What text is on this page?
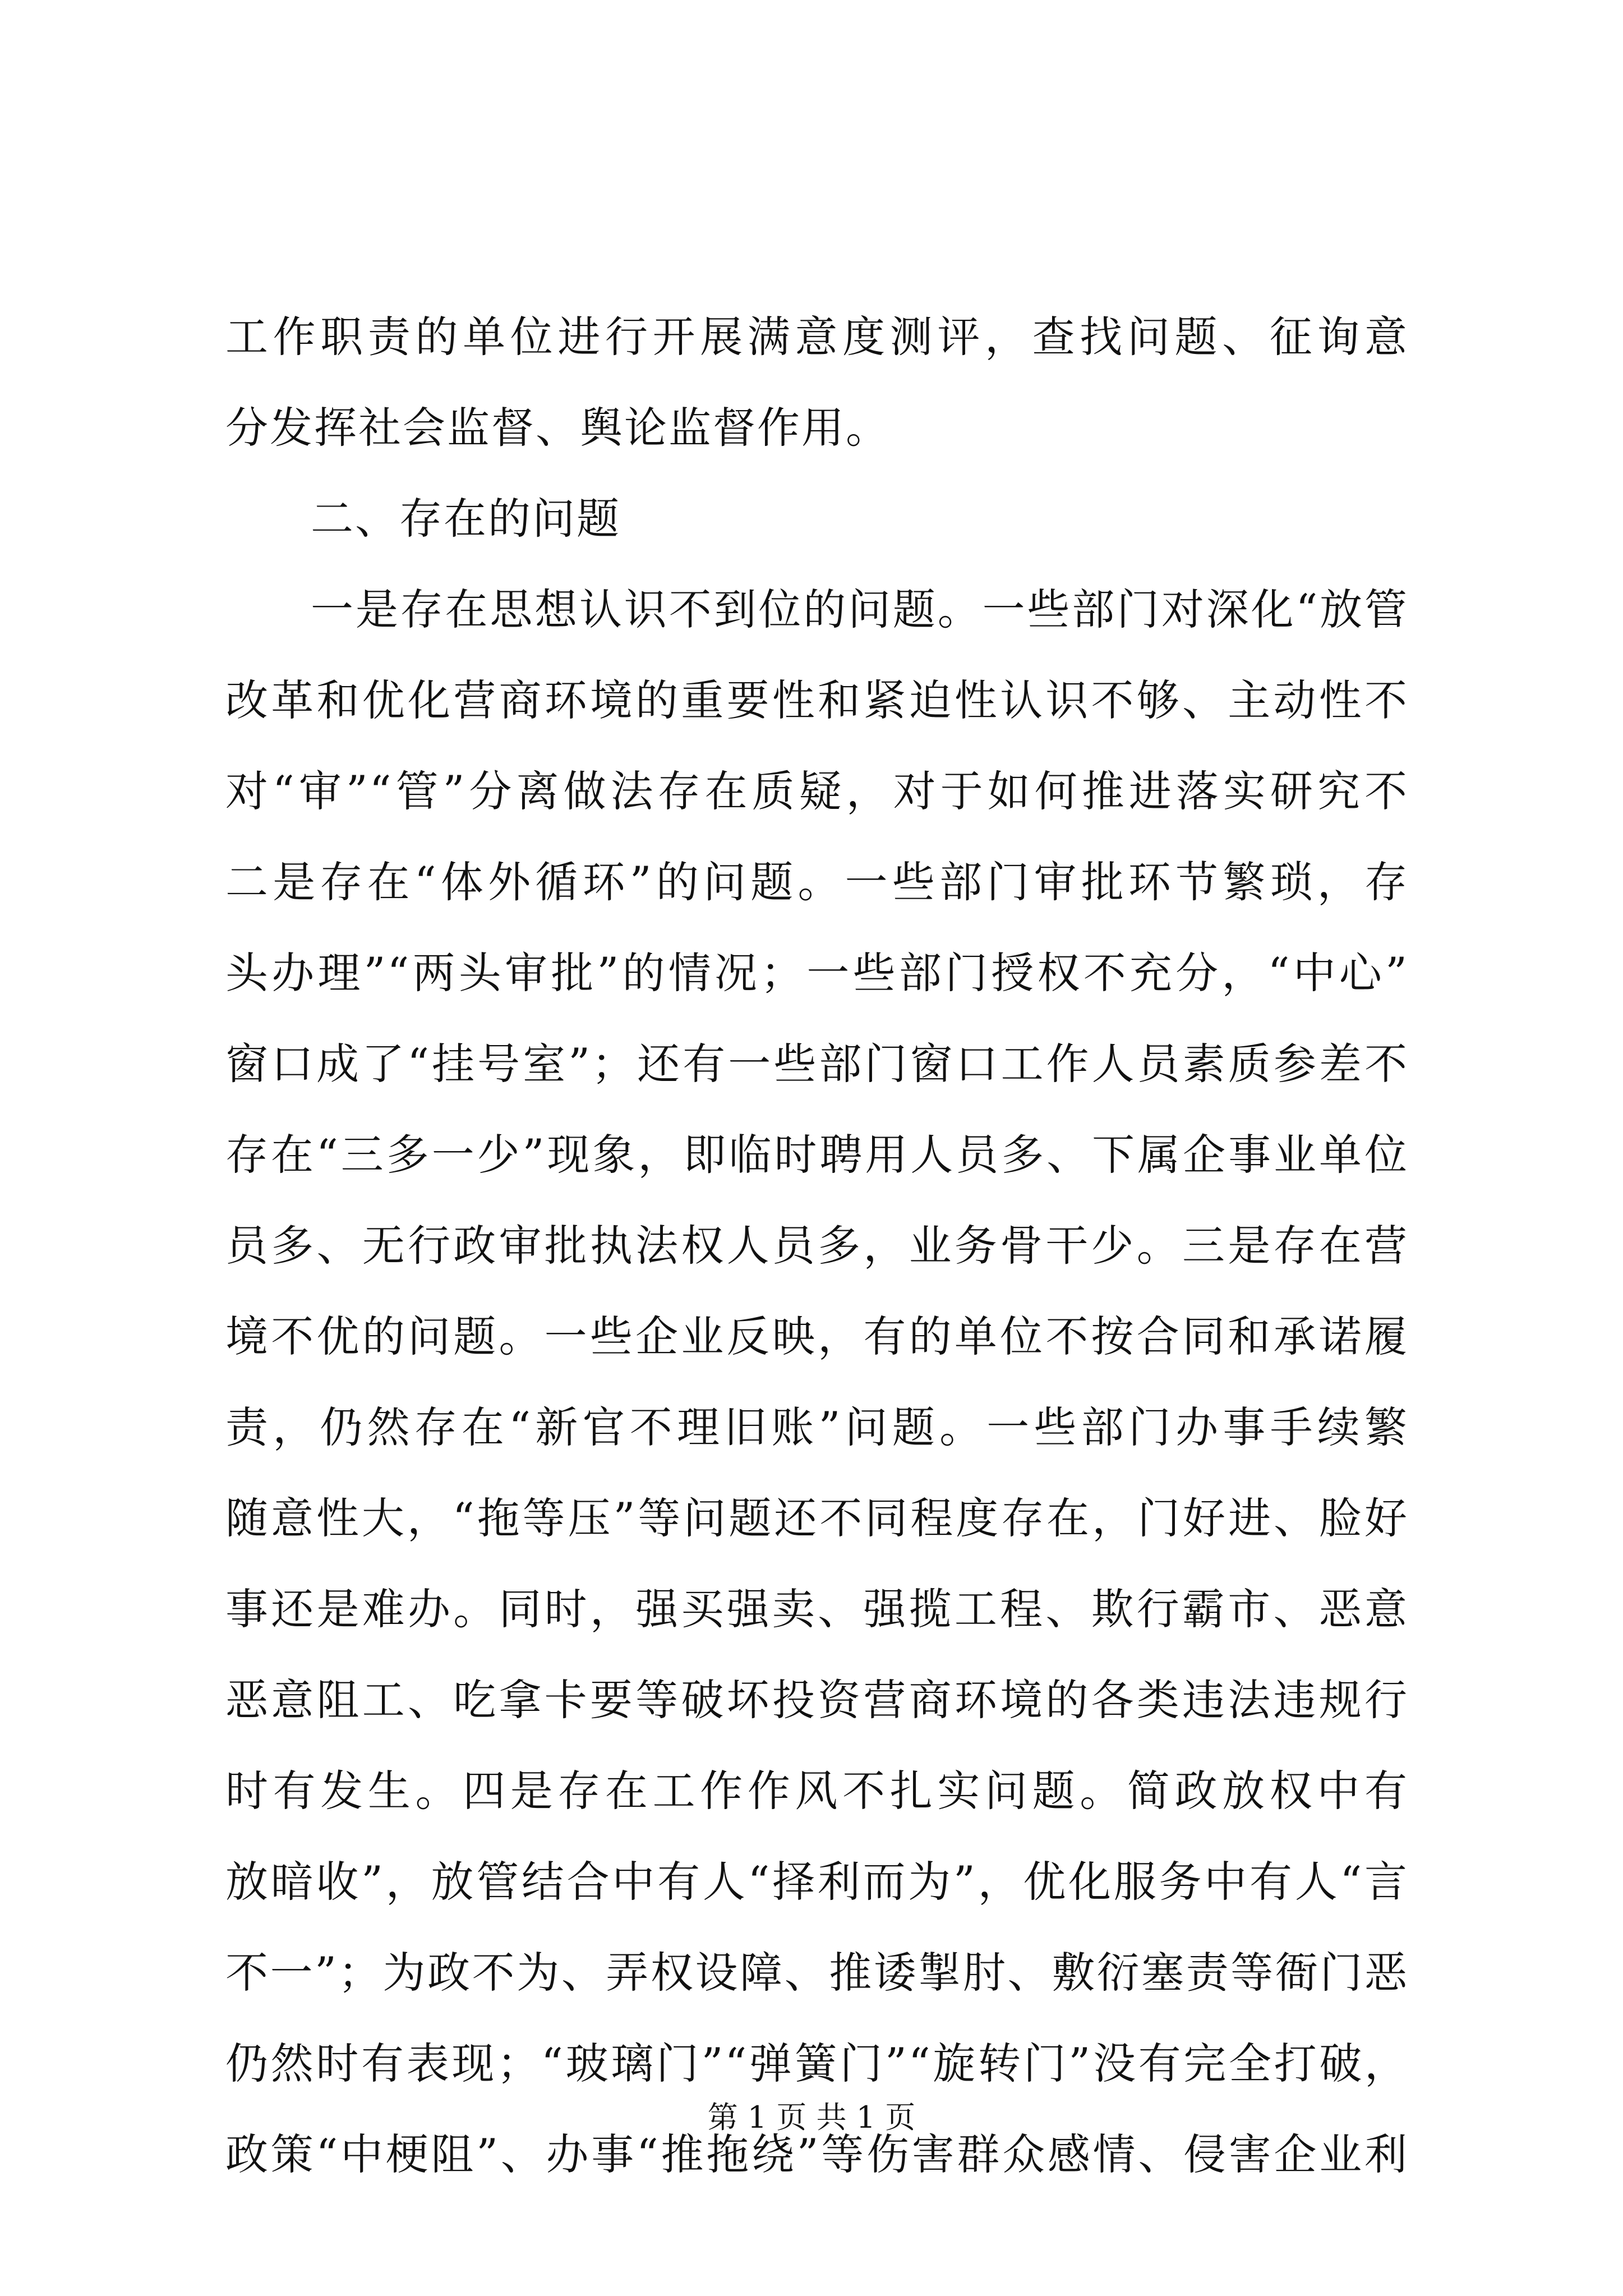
工作职责的单位进行开展满意度测评，查找问题、征询意
分发挥社会监督、舆论监督作用。
二、存在的问题
一是存在思想认识不到位的问题。一些部门对深化“放管
改革和优化营商环境的重要性和紧迫性认识不够、主动性不
对“审”“管”分离做法存在质疑，对于如何推进落实研究不
二是存在“体外循环”的问题。一些部门审批环节繁琐，存
头办理”“两头审批”的情况；一些部门授权不充分，“中心”
窗口成了“挂号室”；还有一些部门窗口工作人员素质参差不
存在“三多一少”现象，即临时聘用人员多、下属企事业单位
员多、无行政审批执法权人员多，业务骨干少。三是存在营
境不优的问题。一些企业反映，有的单位不按合同和承诺履
责，仍然存在“新官不理旧账”问题。一些部门办事手续繁
随意性大，“拖等压”等问题还不同程度存在，门好进、脸好
事还是难办。同时，强买强卖、强揽工程、欺行霸市、恶意
恶意阻工、吃拿卡要等破坏投资营商环境的各类违法违规行
时有发生。四是存在工作作风不扎实问题。简政放权中有
放暗收”，放管结合中有人“择利而为”，优化服务中有人“言
不一”；为政不为、弄权设障、推诿掣肘、敷衍塞责等衙门恶
仍然时有表现；“玻璃门”“弹簧门”“旋转门”没有完全打破，
政策“中梗阻”、办事“推拖绕”等伤害群众感情、侵害企业利
第 1 页 共 1 页
